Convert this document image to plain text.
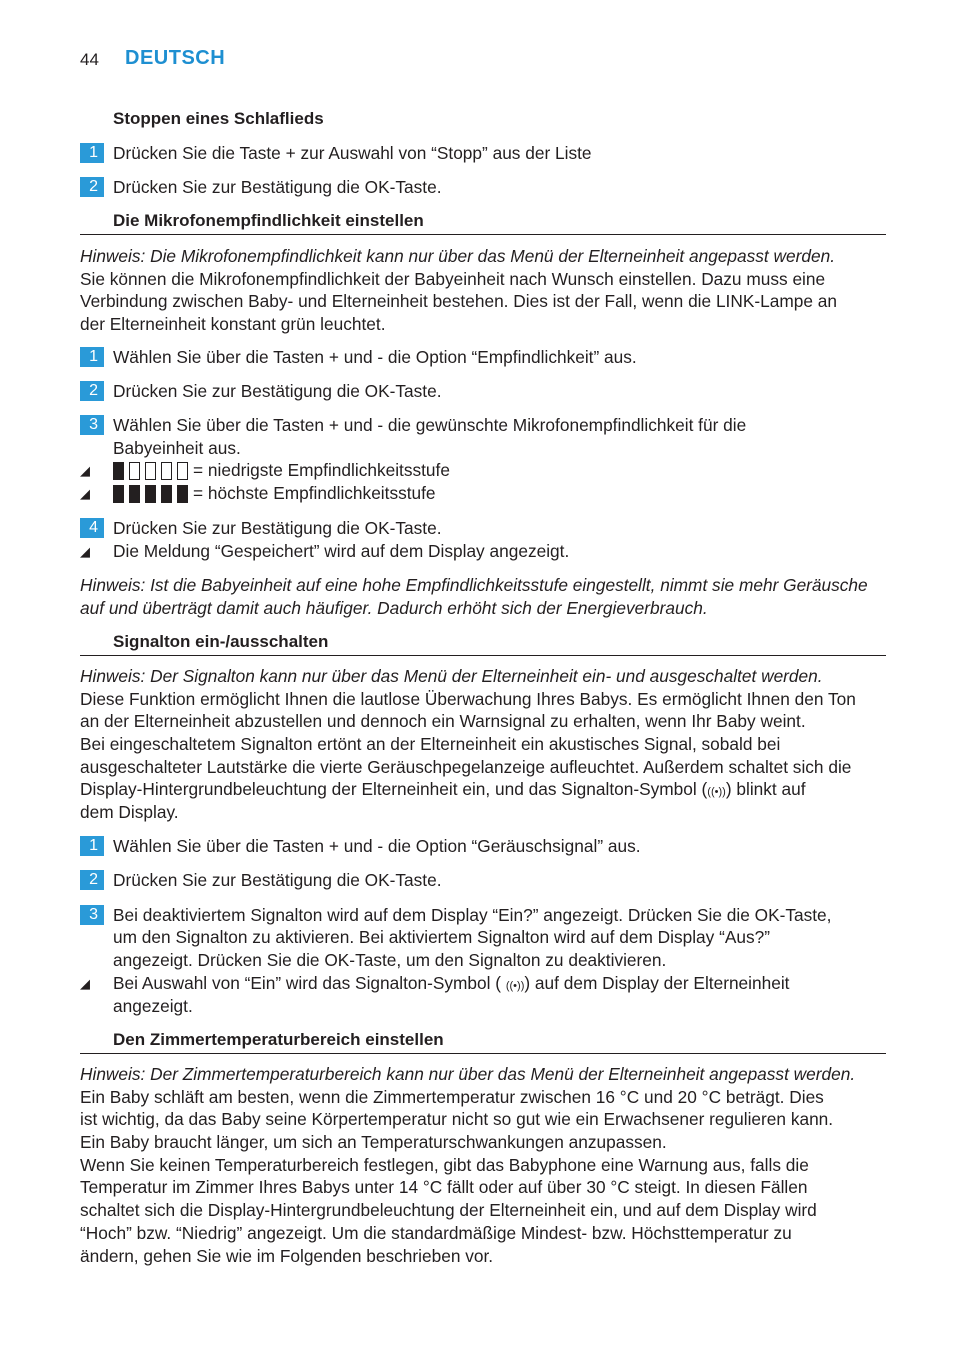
44 DEUTSCH
Stoppen eines Schlaflieds
1 Drücken Sie die Taste + zur Auswahl von “Stopp” aus der Liste
2 Drücken Sie zur Bestätigung die OK-Taste.
Die Mikrofonempfindlichkeit einstellen
Hinweis: Die Mikrofonempfindlichkeit kann nur über das Menü der Elterneinheit angepasst werden.
Sie können die Mikrofonempfindlichkeit der Babyeinheit nach Wunsch einstellen. Dazu muss eine
Verbindung zwischen Baby- und Elterneinheit bestehen. Dies ist der Fall, wenn die LINK-Lampe an
der Elterneinheit konstant grün leuchtet.
1 Wählen Sie über die Tasten + und - die Option “Empfindlichkeit” aus.
2 Drücken Sie zur Bestätigung die OK-Taste.
3 Wählen Sie über die Tasten + und - die gewünschte Mikrofonempfindlichkeit für die
Babyeinheit aus.
◢	= niedrigste Empfindlichkeitsstufe
◢	= höchste Empfindlichkeitsstufe
4 Drücken Sie zur Bestätigung die OK-Taste.
◢ Die Meldung “Gespeichert” wird auf dem Display angezeigt.
Hinweis: Ist die Babyeinheit auf eine hohe Empfindlichkeitsstufe eingestellt, nimmt sie mehr Geräusche
auf und überträgt damit auch häufiger. Dadurch erhöht sich der Energieverbrauch.
Signalton ein-/ausschalten
Hinweis: Der Signalton kann nur über das Menü der Elterneinheit ein- und ausgeschaltet werden.
Diese Funktion ermöglicht Ihnen die lautlose Überwachung Ihres Babys. Es ermöglicht Ihnen den Ton
an der Elterneinheit abzustellen und dennoch ein Warnsignal zu erhalten, wenn Ihr Baby weint.
Bei eingeschaltetem Signalton ertönt an der Elterneinheit ein akustisches Signal, sobald bei
ausgeschalteter Lautstärke die vierte Geräuschpegelanzeige aufleuchtet. Außerdem schaltet sich die
Display-Hintergrundbeleuchtung der Elterneinheit ein, und das Signalton-Symbol (((•))) blinkt auf
dem Display.
1 Wählen Sie über die Tasten + und - die Option “Geräuschsignal” aus.
2 Drücken Sie zur Bestätigung die OK-Taste.
3 Bei deaktiviertem Signalton wird auf dem Display “Ein?” angezeigt. Drücken Sie die OK-Taste,
um den Signalton zu aktivieren. Bei aktiviertem Signalton wird auf dem Display “Aus?”
angezeigt. Drücken Sie die OK-Taste, um den Signalton zu deaktivieren.
◢ Bei Auswahl von “Ein” wird das Signalton-Symbol ( ((•))) auf dem Display der Elterneinheit
angezeigt.
Den Zimmertemperaturbereich einstellen
Hinweis: Der Zimmertemperaturbereich kann nur über das Menü der Elterneinheit angepasst werden.
Ein Baby schläft am besten, wenn die Zimmertemperatur zwischen 16 °C und 20 °C beträgt. Dies
ist wichtig, da das Baby seine Körpertemperatur nicht so gut wie ein Erwachsener regulieren kann.
Ein Baby braucht länger, um sich an Temperaturschwankungen anzupassen.
Wenn Sie keinen Temperaturbereich festlegen, gibt das Babyphone eine Warnung aus, falls die
Temperatur im Zimmer Ihres Babys unter 14 °C fällt oder auf über 30 °C steigt. In diesen Fällen
schaltet sich die Display-Hintergrundbeleuchtung der Elterneinheit ein, und auf dem Display wird
“Hoch” bzw. “Niedrig” angezeigt. Um die standardmäßige Mindest- bzw. Höchsttemperatur zu
ändern, gehen Sie wie im Folgenden beschrieben vor.
